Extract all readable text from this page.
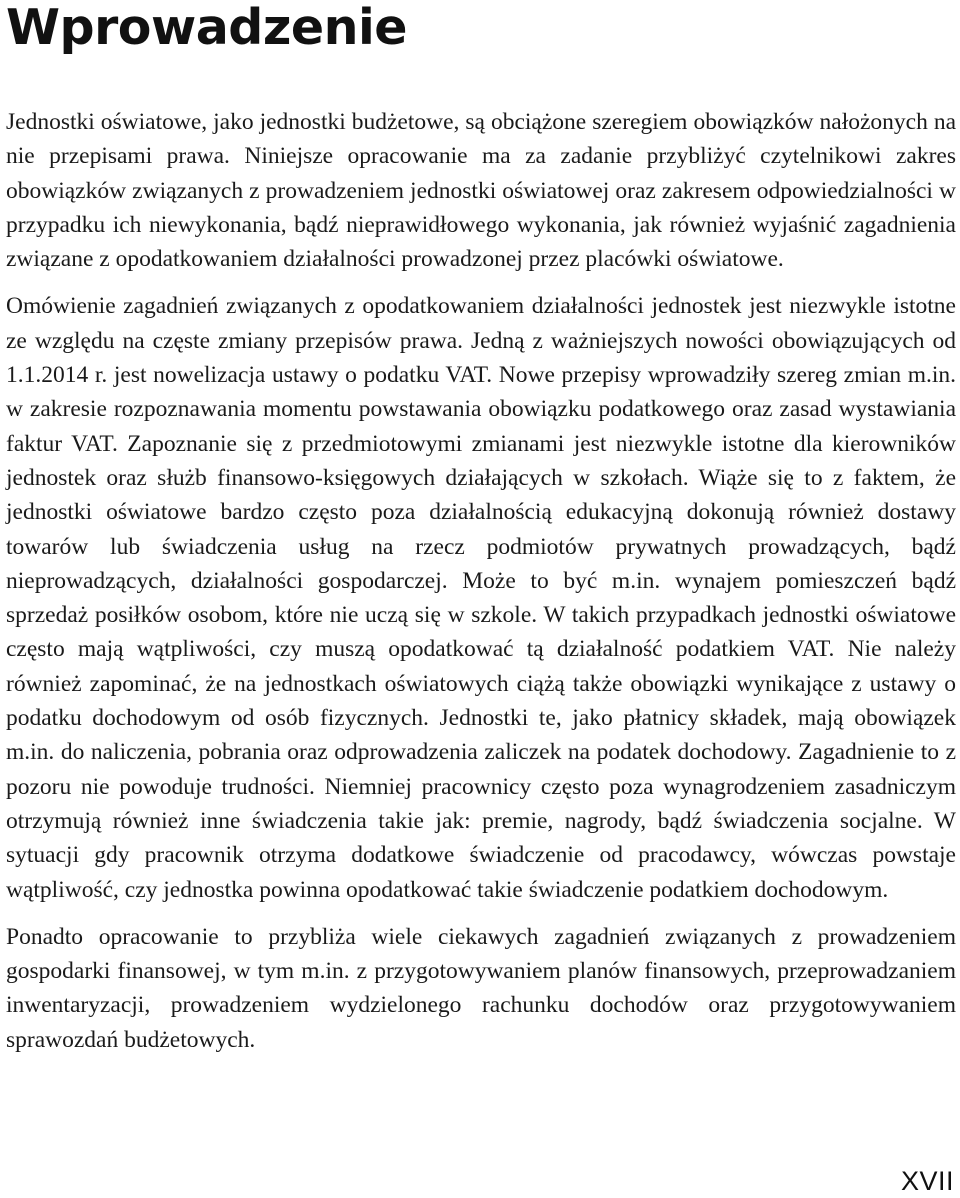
Wprowadzenie

Jednostki oświatowe, jako jednostki budżetowe, są obciążone szeregiem obowiązków nałożonych na nie przepisami prawa. Niniejsze opracowanie ma za zadanie przybliżyć czytelnikowi zakres obowiązków związanych z prowadzeniem jednostki oświatowej oraz zakresem odpowiedzialności w przypadku ich niewykonania, bądź nieprawidłowego wykonania, jak również wyjaśnić zagadnienia związane z opodatkowaniem działalności prowadzonej przez placówki oświatowe.

Omówienie zagadnień związanych z opodatkowaniem działalności jednostek jest niezwykle istotne ze względu na częste zmiany przepisów prawa. Jedną z ważniejszych nowości obowiązujących od 1.1.2014 r. jest nowelizacja ustawy o podatku VAT. Nowe przepisy wprowadziły szereg zmian m.in. w zakresie rozpoznawania momentu powstawania obowiązku podatkowego oraz zasad wystawiania faktur VAT. Zapoznanie się z przedmiotowymi zmianami jest niezwykle istotne dla kierowników jednostek oraz służb finansowo-księgowych działających w szkołach. Wiąże się to z faktem, że jednostki oświatowe bardzo często poza działalnością edukacyjną dokonują również dostawy towarów lub świadczenia usług na rzecz podmiotów prywatnych prowadzących, bądź nieprowadzących, działalności gospodarczej. Może to być m.in. wynajem pomieszczeń bądź sprzedaż posiłków osobom, które nie uczą się w szkole. W takich przypadkach jednostki oświatowe często mają wątpliwości, czy muszą opodatkować tą działalność podatkiem VAT. Nie należy również zapominać, że na jednostkach oświatowych ciążą także obowiązki wynikające z ustawy o podatku dochodowym od osób fizycznych. Jednostki te, jako płatnicy składek, mają obowiązek m.in. do naliczenia, pobrania oraz odprowadzenia zaliczek na podatek dochodowy. Zagadnienie to z pozoru nie powoduje trudności. Niemniej pracownicy często poza wynagrodzeniem zasadniczym otrzymują również inne świadczenia takie jak: premie, nagrody, bądź świadczenia socjalne. W sytuacji gdy pracownik otrzyma dodatkowe świadczenie od pracodawcy, wówczas powstaje wątpliwość, czy jednostka powinna opodatkować takie świadczenie podatkiem dochodowym.

Ponadto opracowanie to przybliża wiele ciekawych zagadnień związanych z prowadzeniem gospodarki finansowej, w tym m.in. z przygotowywaniem planów finansowych, przeprowadzaniem inwentaryzacji, prowadzeniem wydzielonego rachunku dochodów oraz przygotowywaniem sprawozdań budżetowych.

XVII
